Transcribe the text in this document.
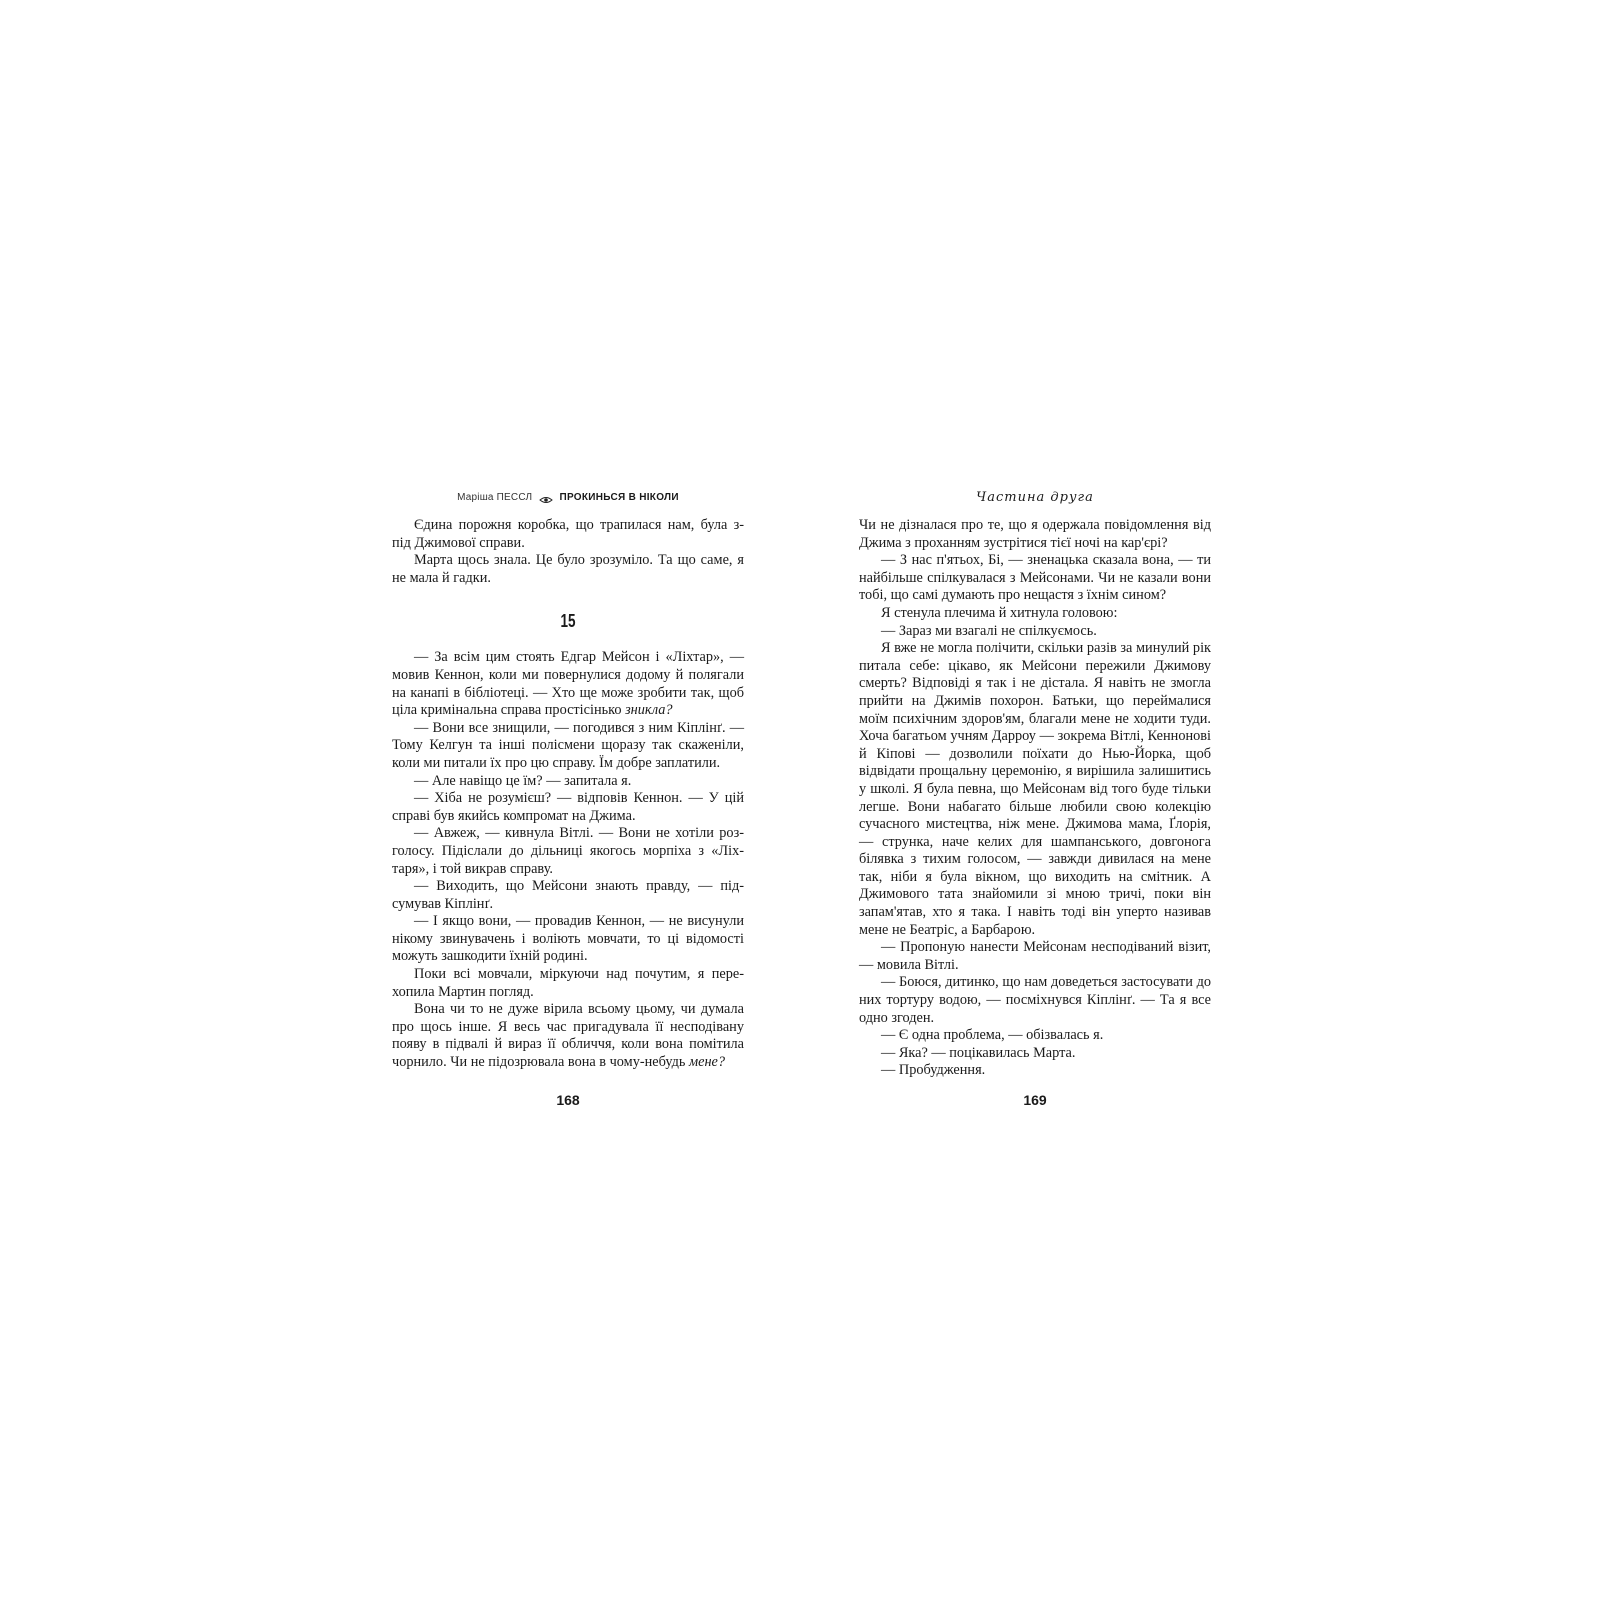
Маріша ПЕССЛ	ПРОКИНЬСЯ В НІКОЛИ

Єдина порожня коробка, що трапилася нам, була з-під Джимової справи.

Марта щось знала. Це було зрозуміло. Та що саме, я не мала й гадки.

15

— За всім цим стоять Едгар Мейсон і «Ліхтар», — мовив Кеннон, коли ми повернулися додому й полягали на канапі в бібліотеці. — Хто ще може зробити так, щоб ціла кримінальна справа простісінько зникла?

— Вони все знищили, — погодився з ним Кіплінґ. — Тому Келгун та інші полісмени щоразу так скаженіли, коли ми питали їх про цю справу. Їм добре заплатили.

— Але навіщо це їм? — запитала я.

— Хіба не розумієш? — відповів Кеннон. — У цій справі був якийсь компромат на Джима.

— Авжеж, — кивнула Вітлі. — Вони не хотіли розголосу. Підіслали до дільниці якогось морпіха з «Ліхтаря», і той викрав справу.

— Виходить, що Мейсони знають правду, — підсумував Кіплінґ.

— І якщо вони, — провадив Кеннон, — не висунули нікому звинувачень і воліють мовчати, то ці відомості можуть зашкодити їхній родині.

Поки всі мовчали, міркуючи над почутим, я перехопила Мартин погляд.

Вона чи то не дуже вірила всьому цьому, чи думала про щось інше. Я весь час пригадувала її несподівану появу в підвалі й вираз її обличчя, коли вона помітила чорнило. Чи не підозрювала вона в чому-небудь мене?

168
Частина друга

Чи не дізналася про те, що я одержала повідомлення від Джима з проханням зустрітися тієї ночі на кар'єрі?

— З нас п'ятьох, Бі, — зненацька сказала вона, — ти найбільше спілкувалася з Мейсонами. Чи не казали вони тобі, що самі думають про нещастя з їхнім сином?

Я стенула плечима й хитнула головою:

— Зараз ми взагалі не спілкуємось.

Я вже не могла полічити, скільки разів за минулий рік питала себе: цікаво, як Мейсони пережили Джимову смерть? Відповіді я так і не дістала. Я навіть не змогла прийти на Джимів похорон. Батьки, що переймалися моїм психічним здоров'ям, благали мене не ходити туди. Хоча багатьом учням Дарроу — зокрема Вітлі, Кеннонові й Кіпові — дозволили поїхати до Нью-Йорка, щоб відвідати прощальну церемонію, я вирішила залишитись у школі. Я була певна, що Мейсонам від того буде тільки легше. Вони набагато більше любили свою колекцію сучасного мистецтва, ніж мене. Джимова мама, Ґлорія, — струнка, наче келих для шампанського, довгонога білявка з тихим голосом, — завжди дивилася на мене так, ніби я була вікном, що виходить на смітник. А Джимового тата знайомили зі мною тричі, поки він запам'ятав, хто я така. І навіть тоді він уперто називав мене не Беатріс, а Барбарою.

— Пропоную нанести Мейсонам несподіваний візит, — мовила Вітлі.

— Боюся, дитинко, що нам доведеться застосувати до них тортуру водою, — посміхнувся Кіплінґ. — Та я все одно згоден.

— Є одна проблема, — обізвалась я.

— Яка? — поцікавилась Марта.

— Пробудження.

169
